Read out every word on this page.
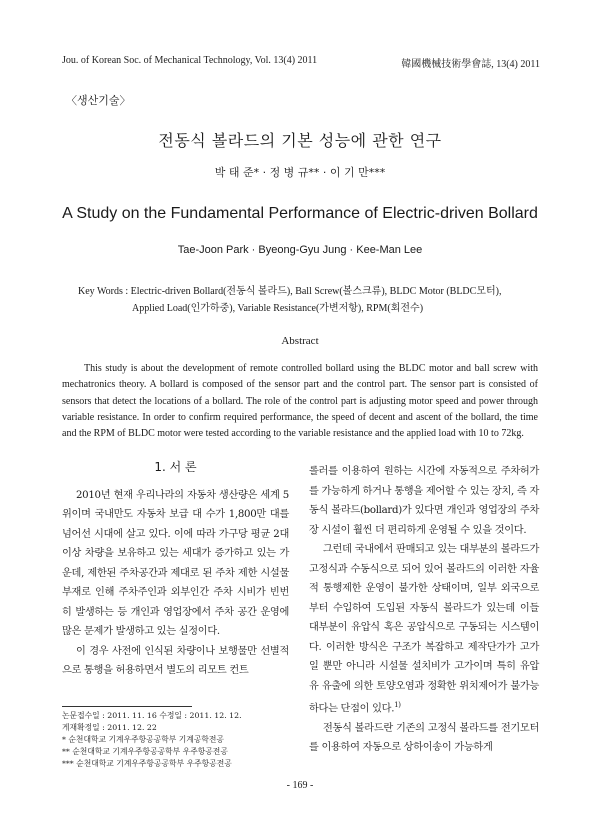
Jou. of Korean Soc. of Mechanical Technology, Vol. 13(4) 2011	韓國機械技術學會誌, 13(4) 2011
〈생산기술〉
전동식 볼라드의 기본 성능에 관한 연구
박 태 준* · 정 병 규** · 이 기 만***
A Study on the Fundamental Performance of Electric-driven Bollard
Tae-Joon Park · Byeong-Gyu Jung · Kee-Man Lee
Key Words : Electric-driven Bollard(전동식 볼라드), Ball Screw(볼스크류), BLDC Motor (BLDC모터),
Applied Load(인가하중), Variable Resistance(가변저항), RPM(회전수)
Abstract
This study is about the development of remote controlled bollard using the BLDC motor and ball screw with mechatronics theory. A bollard is composed of the sensor part and the control part. The sensor part is consisted of sensors that detect the locations of a bollard. The role of the control part is adjusting motor speed and power through variable resistance. In order to confirm required performance, the speed of decent and ascent of the bollard, the time and the RPM of BLDC motor were tested according to the variable resistance and the applied load with 10 to 72kg.
1. 서 론

2010년 현재 우리나라의 자동차 생산량은 세계 5위이며 국내만도 자동차 보급 대 수가 1,800만 대를 넘어선 시대에 살고 있다. 이에 따라 가구당 평균 2대 이상 차량을 보유하고 있는 세대가 증가하고 있는 가운데, 제한된 주차공간과 제대로 된 주차 제한 시설물 부재로 인해 주차주인과 외부인간 주차 시비가 빈번히 발생하는 등 개인과 영업장에서 주차 공간 운영에 많은 문제가 발생하고 있는 실정이다.

이 경우 사전에 인식된 차량이나 보행물만 선별적으로 통행을 허용하면서 별도의 리모트 컨트

롤러를 이용하여 원하는 시간에 자동적으로 주차허가를 가능하게 하거나 통행을 제어할 수 있는 장치, 즉 자동식 볼라드(bollard)가 있다면 개인과 영업장의 주차장 시설이 훨씬 더 편리하게 운영될 수 있을 것이다.

그런데 국내에서 판매되고 있는 대부분의 볼라드가 고정식과 수동식으로 되어 있어 볼라드의 이러한 자율적 통행제한 운영이 불가한 상태이며, 일부 외국으로부터 수입하여 도입된 자동식 볼라드가 있는데 이들 대부분이 유압식 혹은 공압식으로 구동되는 시스템이다. 이러한 방식은 구조가 복잡하고 제작단가가 고가일 뿐만 아니라 시설물 설치비가 고가이며 특히 유압유 유출에 의한 토양오염과 정확한 위치제어가 불가능하다는 단점이 있다.$^{1)}$

전동식 볼라드란 기존의 고정식 볼라드를 전기모터를 이용하여 자동으로 상하이송이 가능하게

논문접수일 : 2011. 11. 16 수정일 : 2011. 12. 12.
게재확정일 : 2011. 12. 22
* 순천대학교 기계우주항공공학부 기계공학전공
** 순천대학교 기계우주항공공학부 우주항공전공
*** 순천대학교 기계우주항공공학부 우주항공전공
- 169 -
